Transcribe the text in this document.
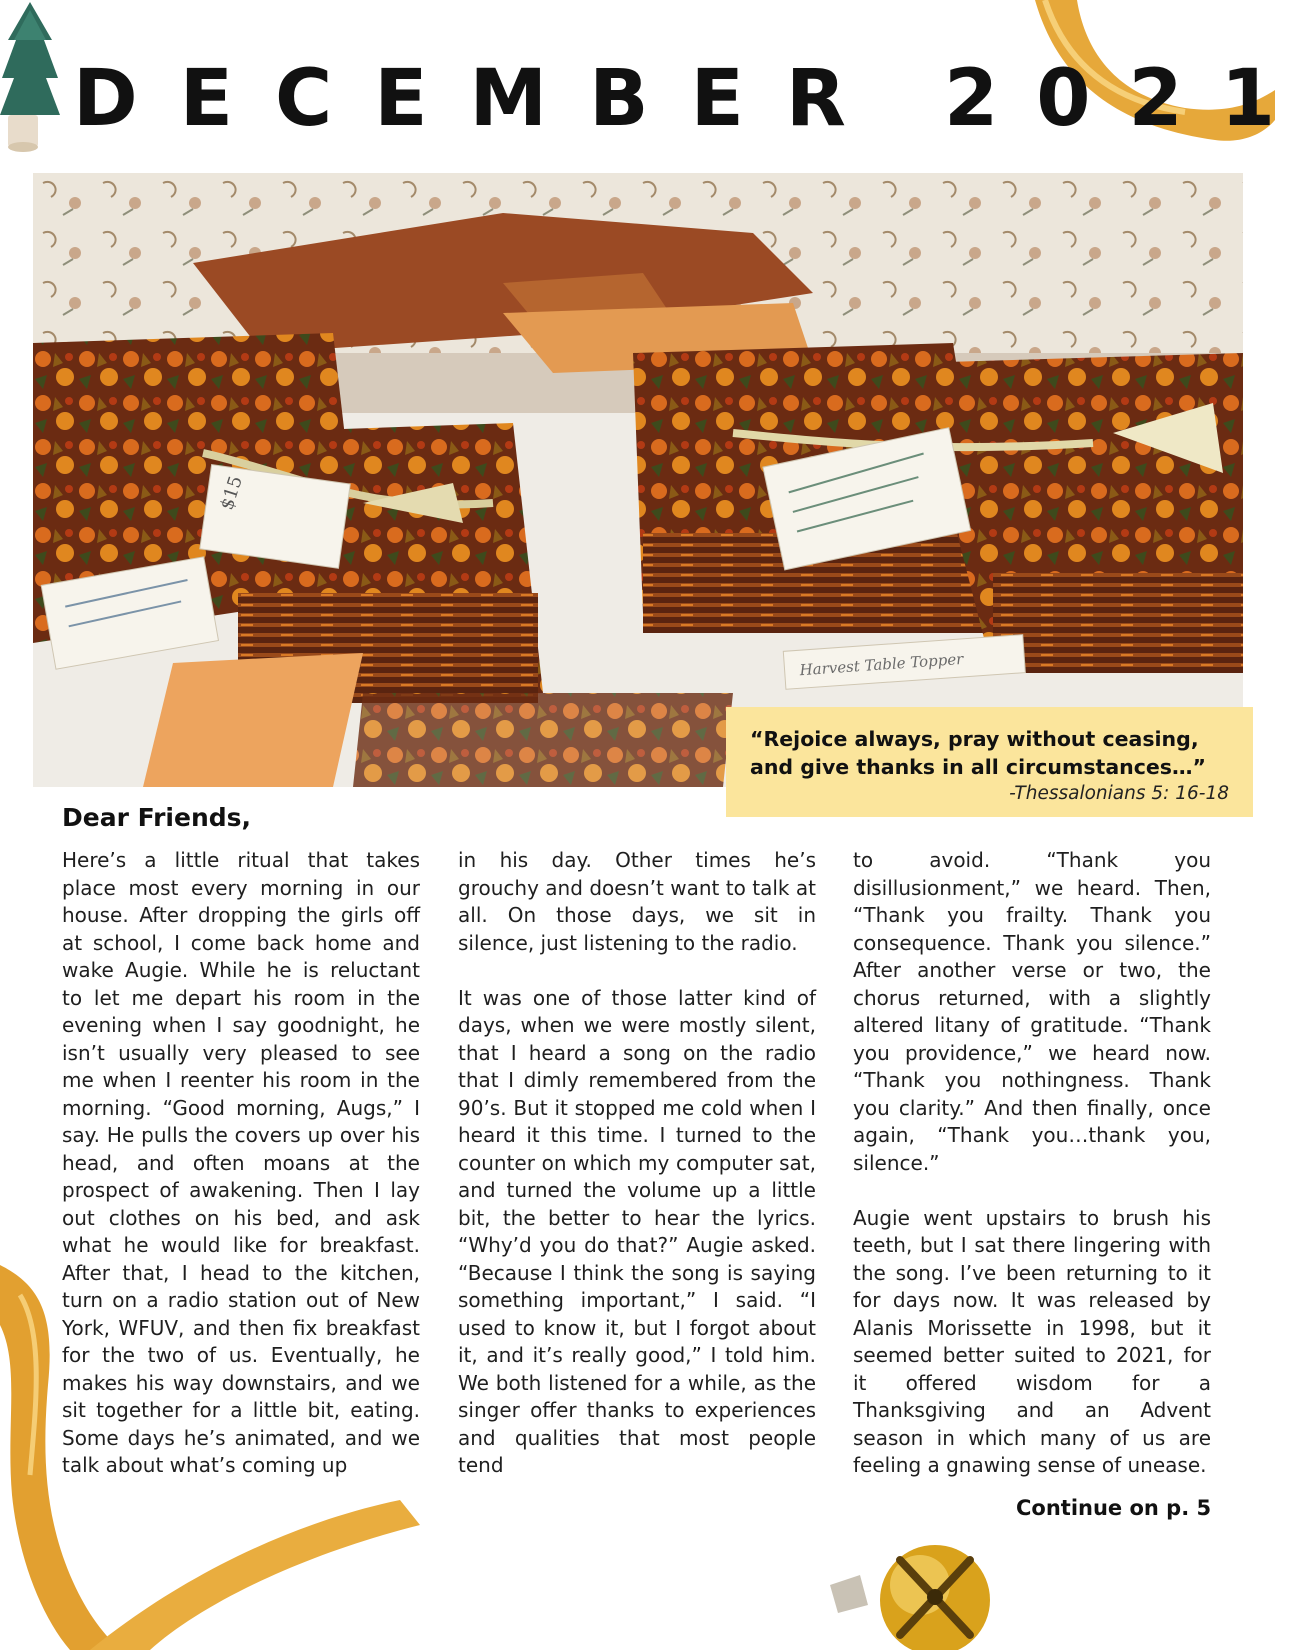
DECEMBER 2021
$15
Harvest Table Topper
“Rejoice always, pray without ceasing,
and give thanks in all circumstances…”
-Thessalonians 5: 16-18
Dear Friends,

Here’s a little ritual that takes place most every morning in our house. After dropping the girls off at school, I come back home and wake Augie. While he is reluctant to let me depart his room in the evening when I say goodnight, he isn’t usually very pleased to see me when I reenter his room in the morning. “Good morning, Augs,” I say. He pulls the covers up over his head, and often moans at the prospect of awakening. Then I lay out clothes on his bed, and ask what he would like for breakfast. After that, I head to the kitchen, turn on a radio station out of New York, WFUV, and then fix breakfast for the two of us. Eventually, he makes his way downstairs, and we sit together for a little bit, eating. Some days he’s animated, and we talk about what’s coming up

in his day. Other times he’s grouchy and doesn’t want to talk at all. On those days, we sit in silence, just listening to the radio.

It was one of those latter kind of days, when we were mostly silent, that I heard a song on the radio that I dimly remembered from the 90’s. But it stopped me cold when I heard it this time. I turned to the counter on which my computer sat, and turned the volume up a little bit, the better to hear the lyrics. “Why’d you do that?” Augie asked. “Because I think the song is saying something important,” I said. “I used to know it, but I forgot about it, and it’s really good,” I told him. We both listened for a while, as the singer offer thanks to experiences and qualities that most people tend

to avoid. “Thank you disillusionment,” we heard. Then, “Thank you frailty. Thank you consequence. Thank you silence.” After another verse or two, the chorus returned, with a slightly altered litany of gratitude. “Thank you providence,” we heard now. “Thank you nothingness. Thank you clarity.” And then finally, once again, “Thank you…thank you, silence.”

Augie went upstairs to brush his teeth, but I sat there lingering with the song. I’ve been returning to it for days now. It was released by Alanis Morissette in 1998, but it seemed better suited to 2021, for it offered wisdom for a Thanksgiving and an Advent season in which many of us are feeling a gnawing sense of unease.

Continue on p. 5
